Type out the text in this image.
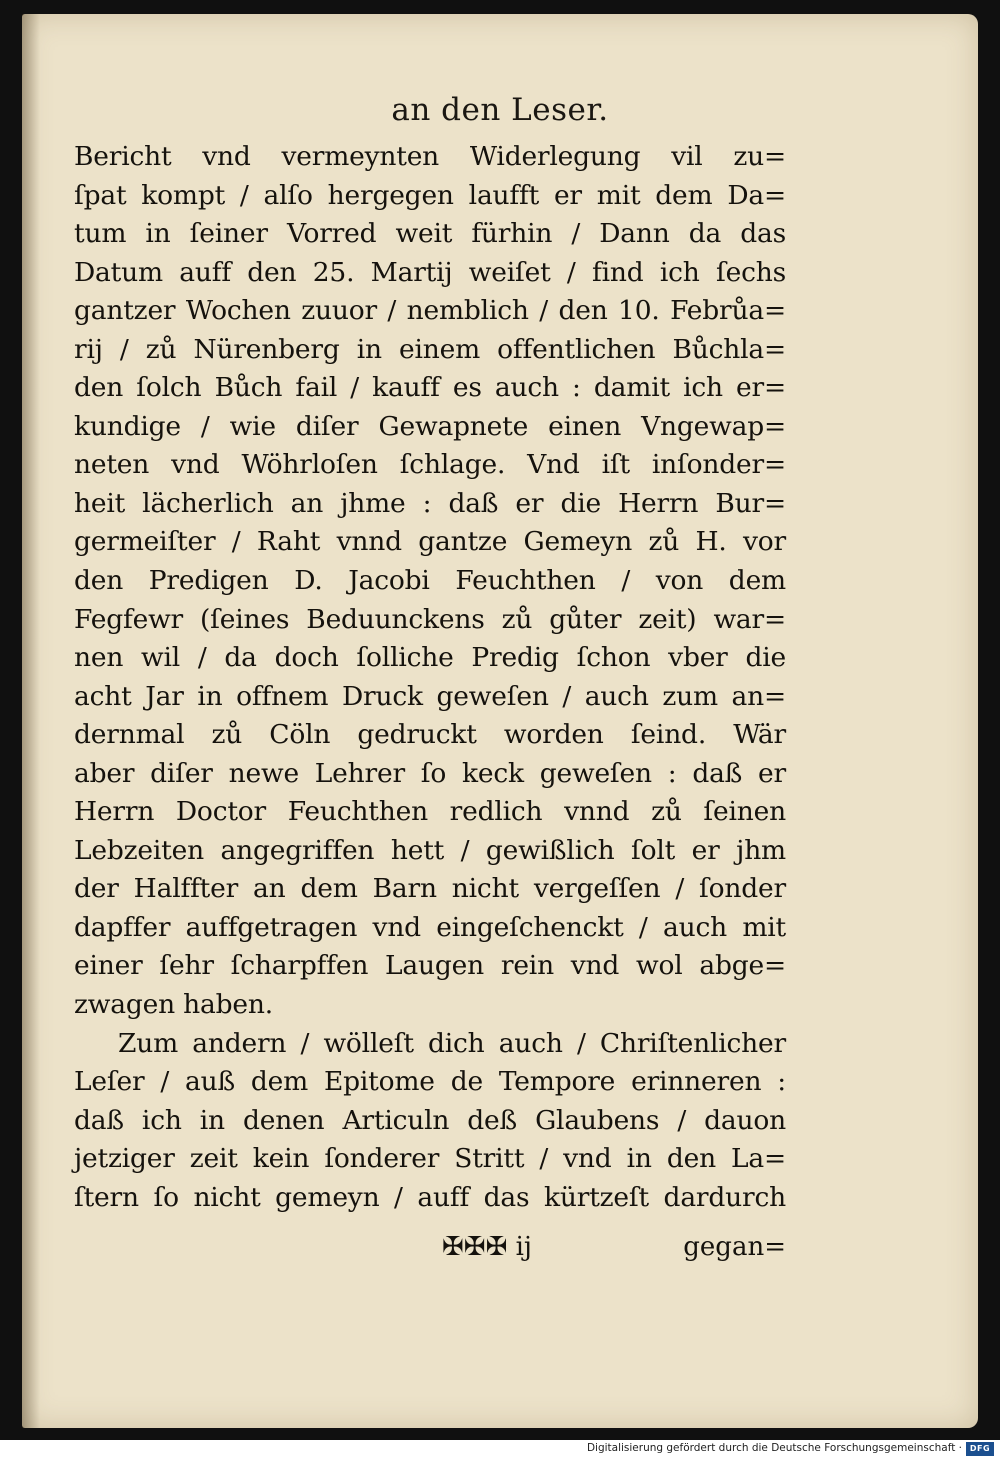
an den Leser.
Bericht vnd vermeynten Widerlegung vil zu=
ſpat kompt / alſo hergegen laufft er mit dem Da=
tum in ſeiner Vorred weit fürhin / Dann da das
Datum auff den 25. Martij weiſet / find ich ſechs
gantzer Wochen zuuor / nemblich / den 10. Febrůa=
rij / zů Nürenberg in einem offentlichen Bůchla=
den ſolch Bůch fail / kauff es auch : damit ich er=
kundige / wie diſer Gewapnete einen Vngewap=
neten vnd Wöhrloſen ſchlage. Vnd iſt inſonder=
heit lächerlich an jhme : daß er die Herrn Bur=
germeiſter / Raht vnnd gantze Gemeyn zů H. vor
den Predigen D. Jacobi Feuchthen / von dem
Fegfewr (ſeines Beduunckens zů gůter zeit) war=
nen wil / da doch ſolliche Predig ſchon vber die
acht Jar in offnem Druck geweſen / auch zum an=
dernmal zů Cöln gedruckt worden ſeind. Wär
aber diſer newe Lehrer ſo keck geweſen : daß er
Herrn Doctor Feuchthen redlich vnnd zů ſeinen
Lebzeiten angegriffen hett / gewißlich ſolt er jhm
der Halffter an dem Barn nicht vergeſſen / ſonder
dapffer auffgetragen vnd eingeſchenckt / auch mit
einer ſehr ſcharpffen Laugen rein vnd wol abge=
zwagen haben.
Zum andern / wölleſt dich auch / Chriſtenlicher
Leſer / auß dem Epitome de Tempore erinneren :
daß ich in denen Articuln deß Glaubens / dauon
jetziger zeit kein ſonderer Stritt / vnd in den La=
ſtern ſo nicht gemeyn / auff das kürtzeſt dardurch
✠✠✠ ij	gegan=
Digitalisierung gefördert durch die Deutsche Forschungsgemeinschaft · DFG
